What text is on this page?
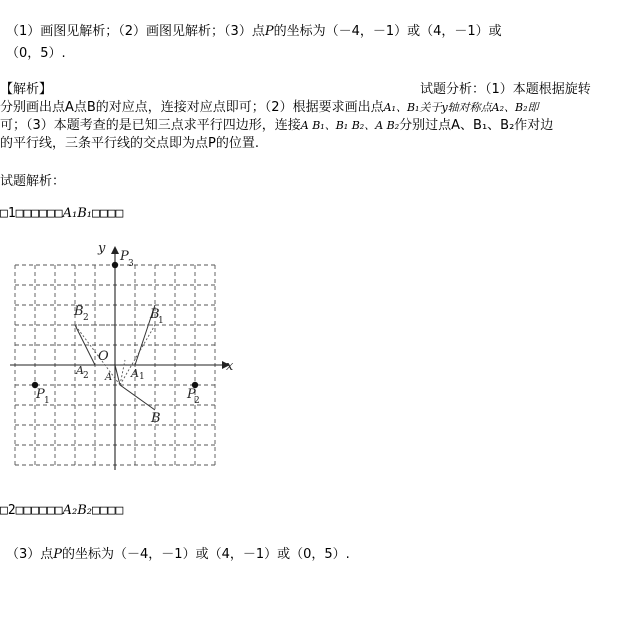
（1）画图见解析；（2）画图见解析；（3）点P的坐标为（－4，－1）或（4，－1）或
（0，5）.
【解析】	试题分析：（1）本题根据旋转
分别画出点A点B的对应点，连接对应点即可；（2）根据要求画出点A₁、B₁关于y轴对称点A₂、B₂即
可；（3）本题考查的是已知三点求平行四边形，连接A B₁、B₁ B₂、A B₂分别过点A、B₁、B₂作对边
的平行线，三条平行线的交点即为点P的位置.
试题解析：
□1□□□□□□A₁B₁□□□□
y
x
O
P 3
B 2	B
1
A 2 A A 1
P 1	P
2
B
□2□□□□□□A₂B₂□□□□
（3）点P的坐标为（－4，－1）或（4，－1）或（0，5）.
